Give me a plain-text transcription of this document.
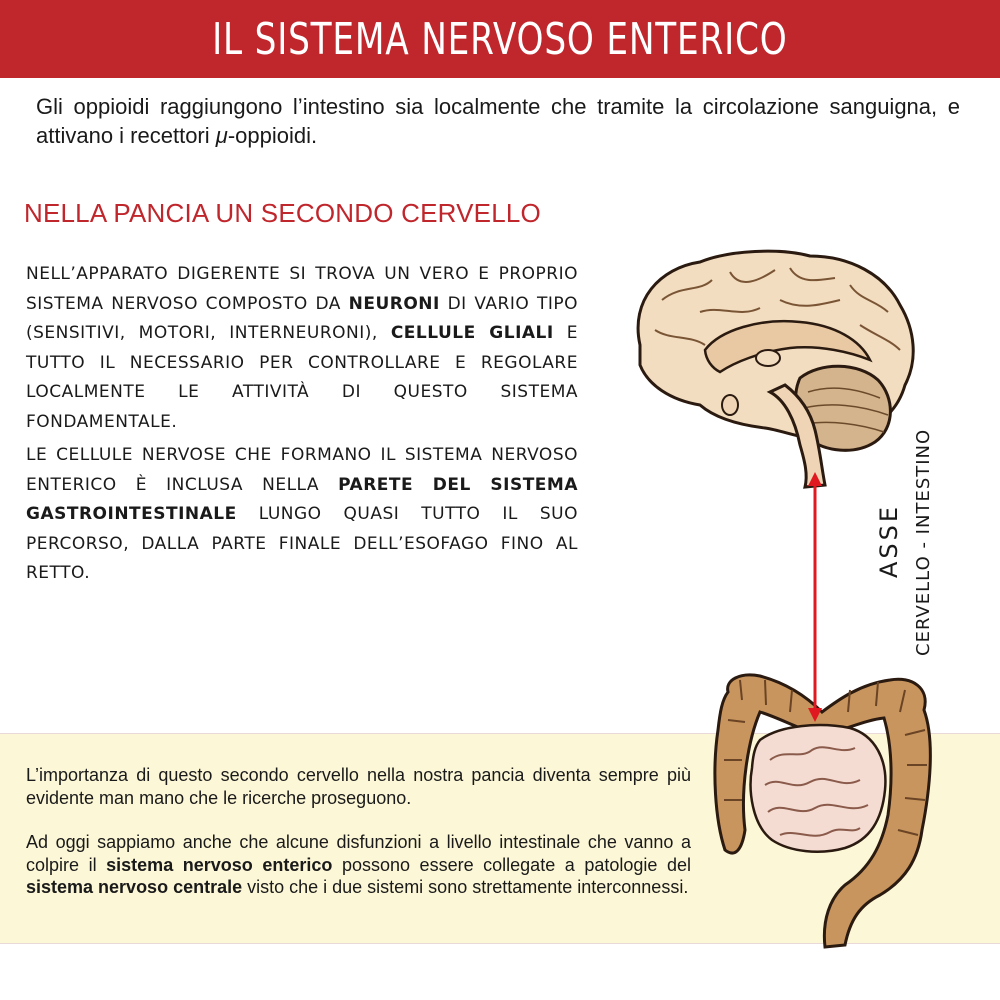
IL SISTEMA NERVOSO ENTERICO

Gli oppioidi raggiungono l’intestino sia localmente che tramite la circolazione sanguigna, e attivano i recettori μ-oppioidi.

NELLA PANCIA UN SECONDO CERVELLO

NELL’APPARATO DIGERENTE SI TROVA UN VERO E PROPRIO SISTEMA NERVOSO COMPOSTO DA NEURONI DI VARIO TIPO (SENSITIVI, MOTORI, INTERNEURONI), CELLULE GLIALI E TUTTO IL NECESSARIO PER CONTROLLARE E REGOLARE LOCALMENTE LE ATTIVITÀ DI QUESTO SISTEMA FONDAMENTALE.

LE CELLULE NERVOSE CHE FORMANO IL SISTEMA NERVOSO ENTERICO È INCLUSA NELLA PARETE DEL SISTEMA GASTROINTESTINALE LUNGO QUASI TUTTO IL SUO PERCORSO, DALLA PARTE FINALE DELL’ESOFAGO FINO AL RETTO.

L’importanza di questo secondo cervello nella nostra pancia diventa sempre più evidente man mano che le ricerche proseguono.

Ad oggi sappiamo anche che alcune disfunzioni a livello intestinale che vanno a colpire il sistema nervoso enterico possono essere collegate a patologie del sistema nervoso centrale visto che i due sistemi sono strettamente interconnessi.

ASSE CERVELLO - INTESTINO
